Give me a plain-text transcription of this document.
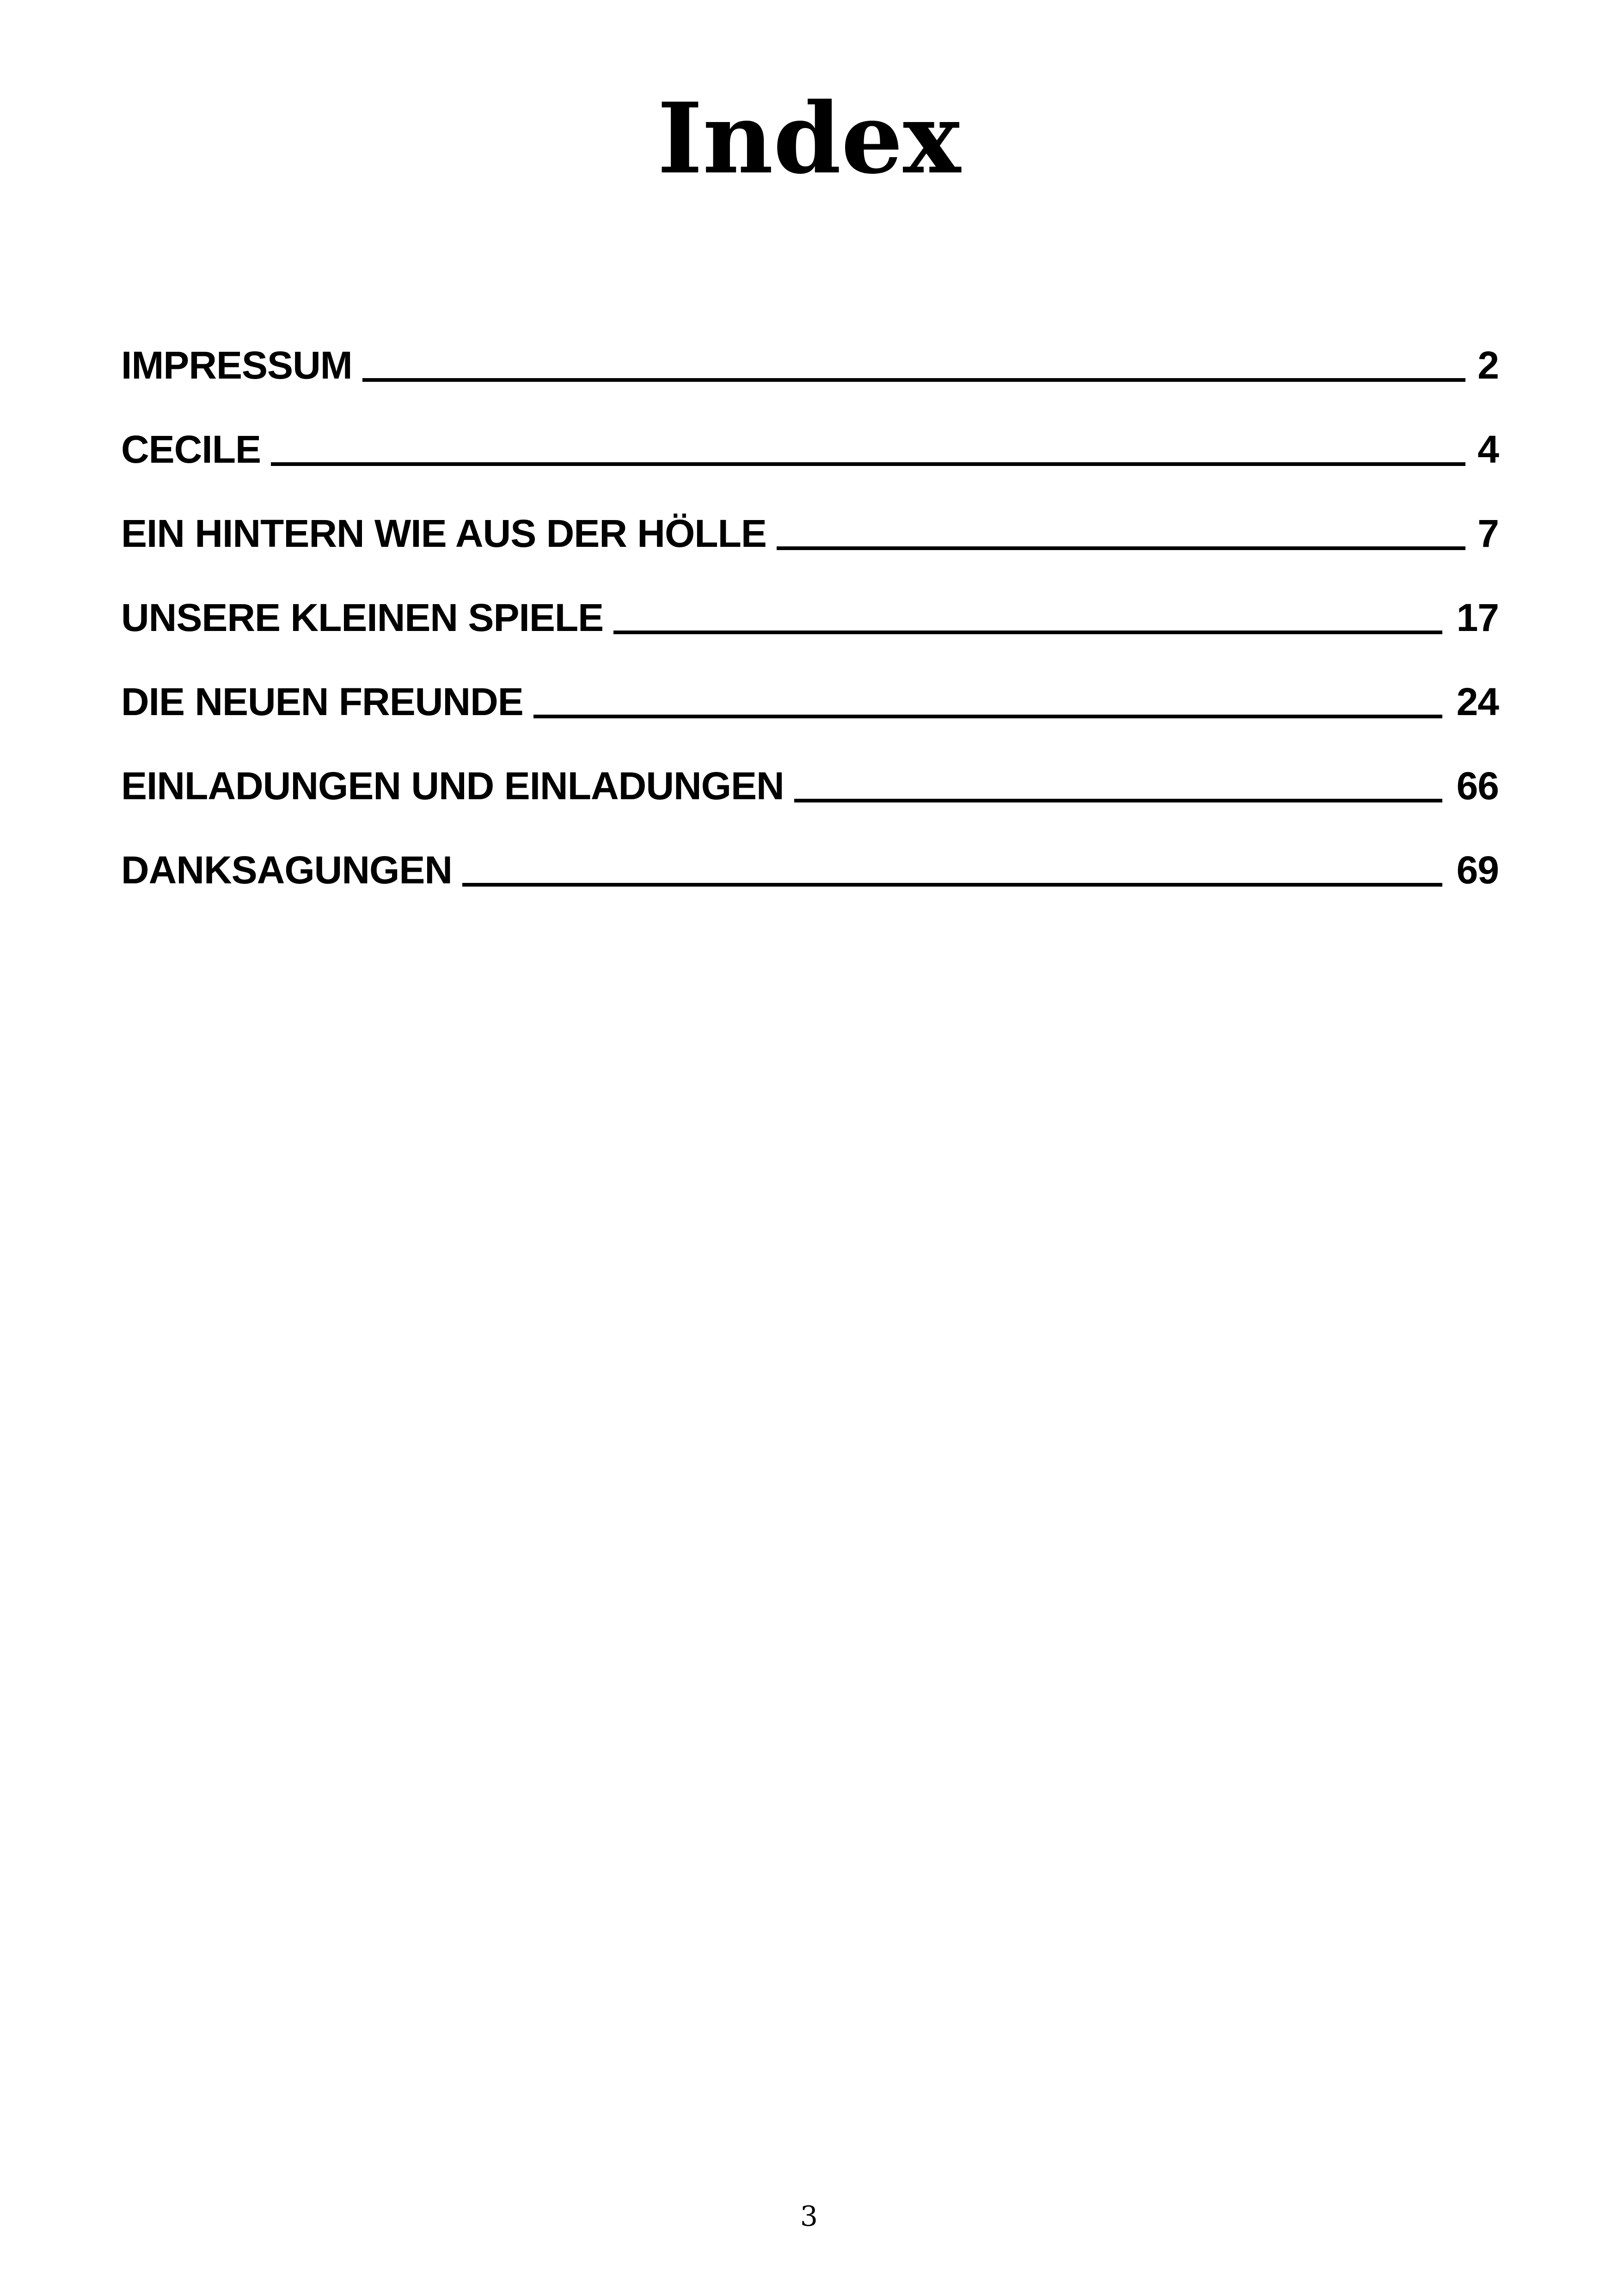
Index
IMPRESSUM	2
CECILE	4
EIN HINTERN WIE AUS DER HÖLLE	7
UNSERE KLEINEN SPIELE	17
DIE NEUEN FREUNDE	24
EINLADUNGEN UND EINLADUNGEN	66
DANKSAGUNGEN	69
3
